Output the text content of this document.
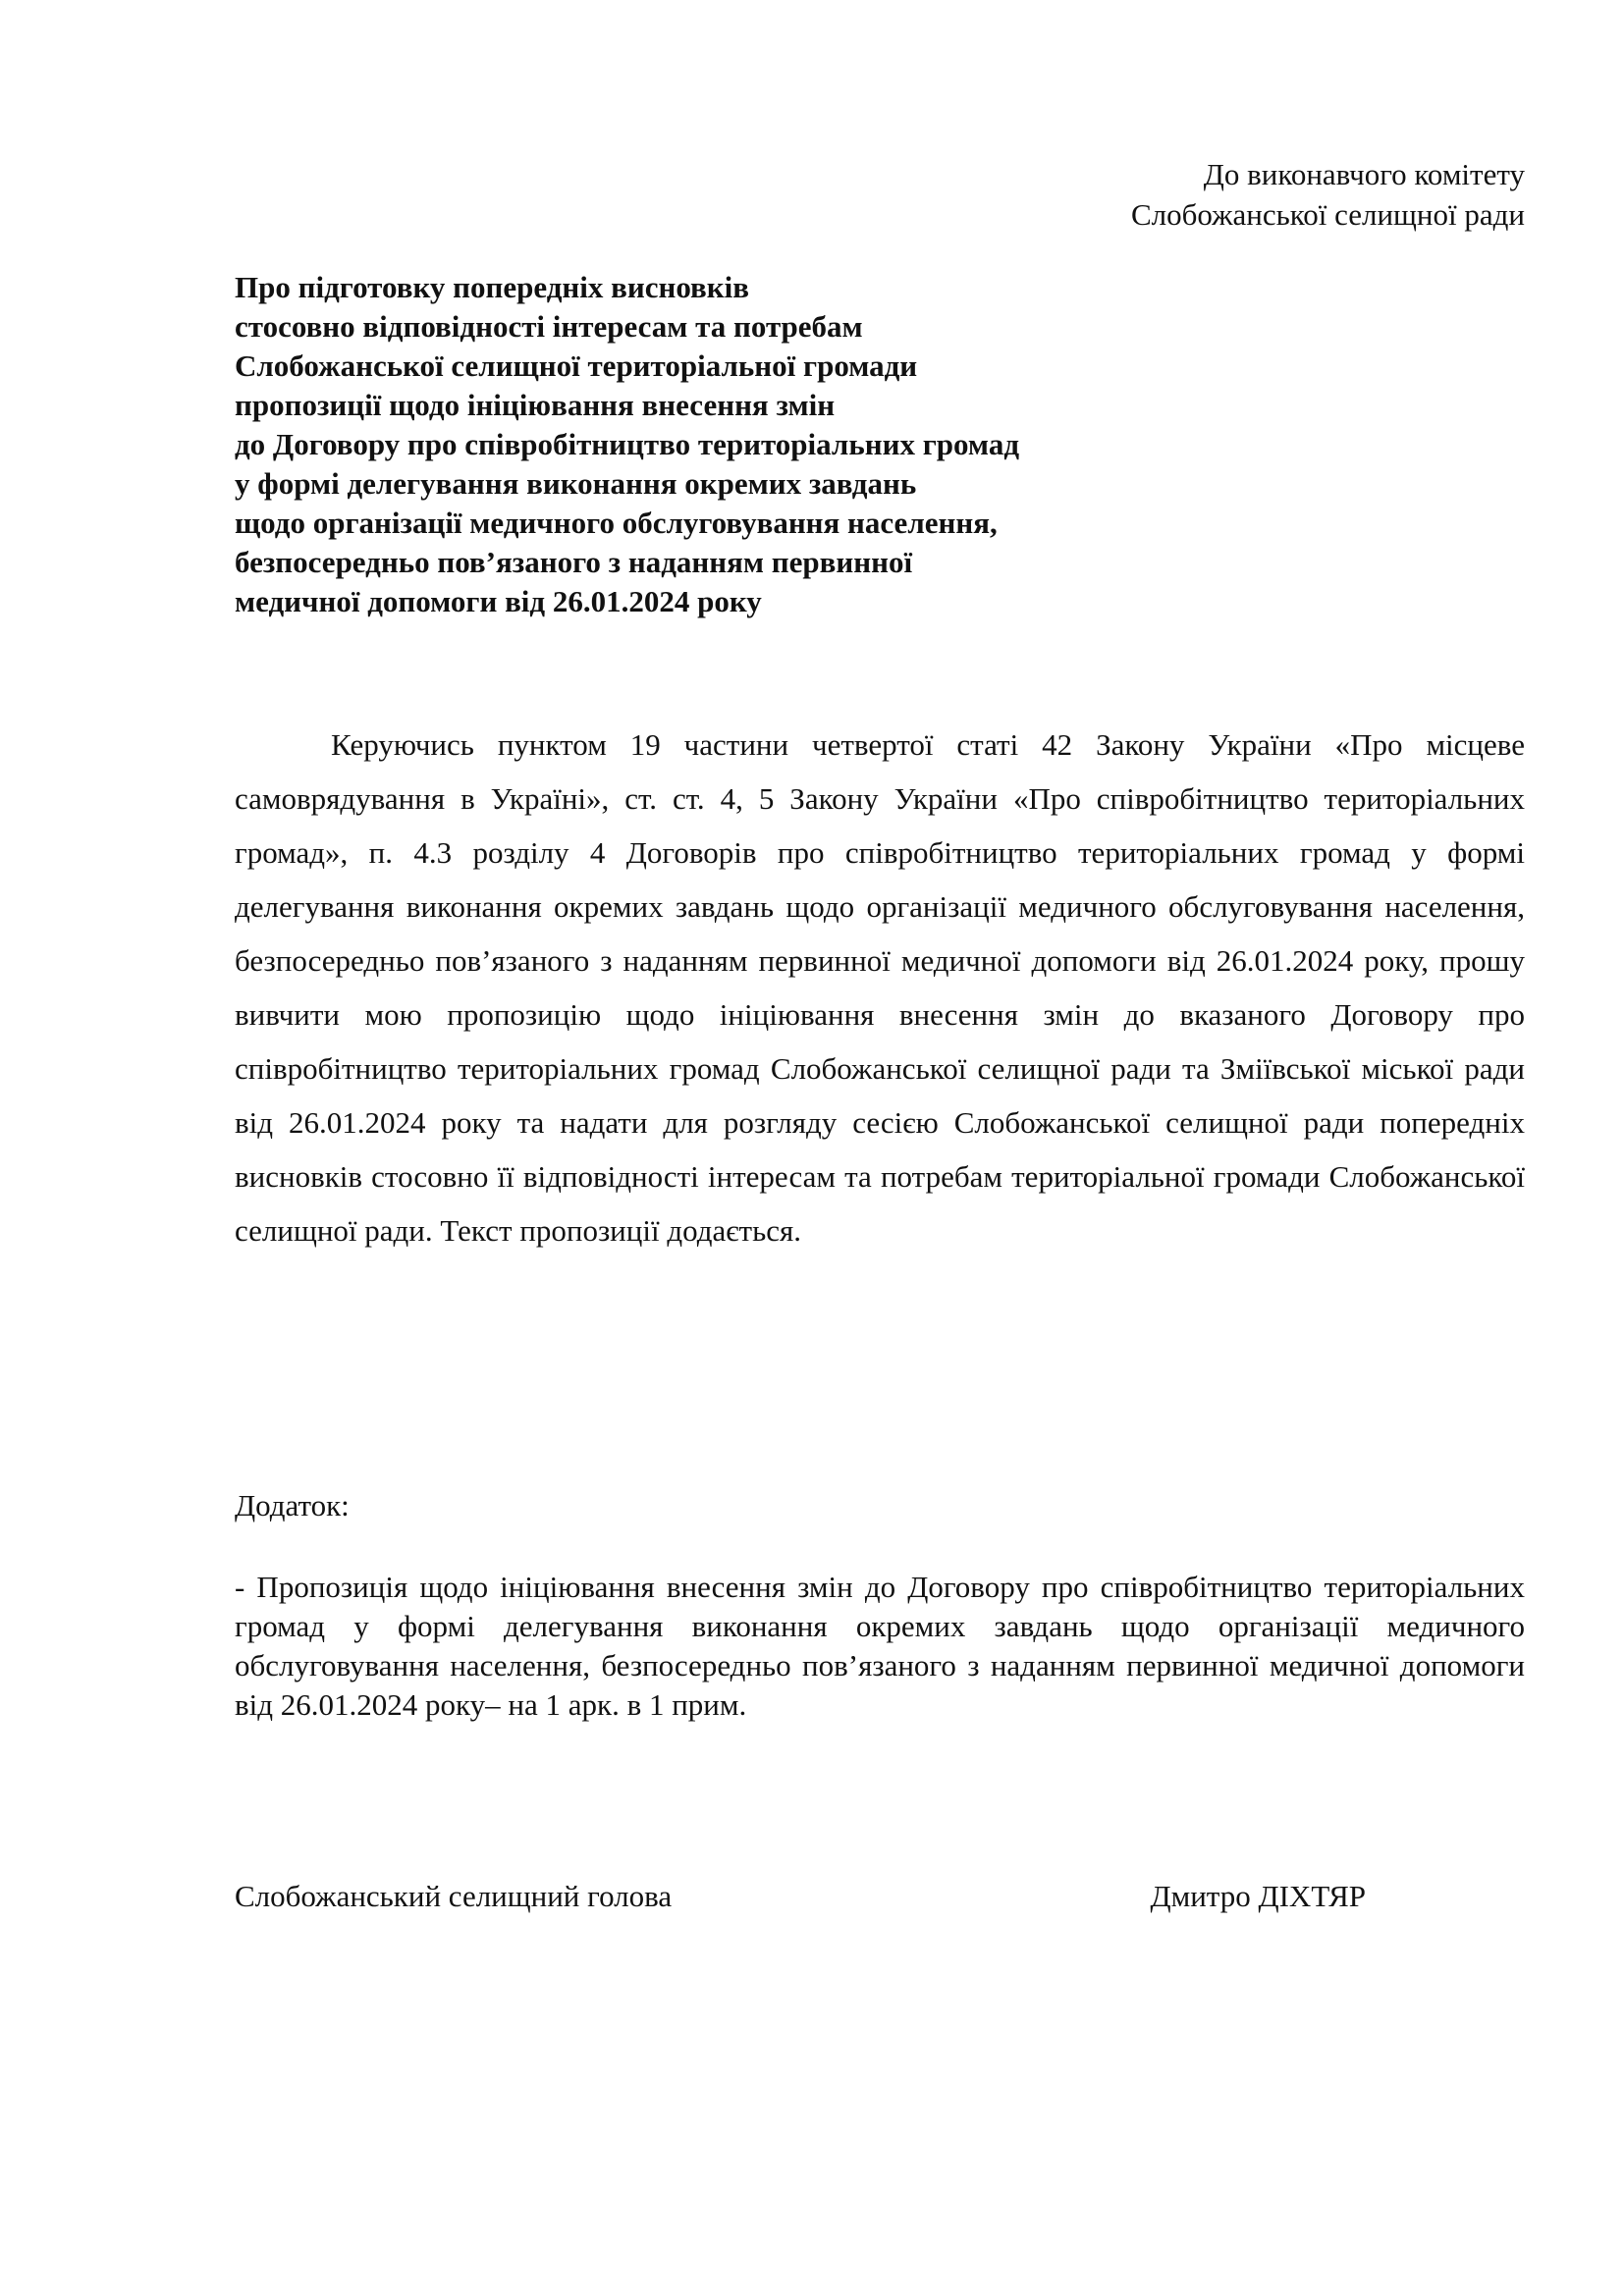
До виконавчого комітету
Слобожанської селищної ради
Про підготовку попередніх висновків
стосовно відповідності інтересам та потребам
Слобожанської селищної територіальної громади
пропозиції щодо ініціювання внесення змін
до Договору про співробітництво територіальних громад
у формі делегування виконання окремих завдань
щодо організації медичного обслуговування населення,
безпосередньо пов’язаного з наданням первинної
медичної допомоги від 26.01.2024 року

Керуючись пунктом 19 частини четвертої статі 42 Закону України «Про місцеве самоврядування в Україні», ст. ст. 4, 5 Закону України «Про співробітництво територіальних громад», п. 4.3 розділу 4 Договорів про співробітництво територіальних громад у формі делегування виконання окремих завдань щодо організації медичного обслуговування населення, безпосередньо пов’язаного з наданням первинної медичної допомоги від 26.01.2024 року, прошу вивчити мою пропозицію щодо ініціювання внесення змін до вказаного Договору про співробітництво територіальних громад Слобожанської селищної ради та Зміївської міської ради від 26.01.2024 року та надати для розгляду сесією Слобожанської селищної ради попередніх висновків стосовно її відповідності інтересам та потребам територіальної громади Слобожанської селищної ради. Текст пропозиції додається.

Додаток:

- Пропозиція щодо ініціювання внесення змін до Договору про співробітництво територіальних громад у формі делегування виконання окремих завдань щодо організації медичного обслуговування населення, безпосередньо пов’язаного з наданням первинної медичної допомоги від 26.01.2024 року– на 1 арк. в 1 прим.

Слобожанський селищний голова	Дмитро ДІХТЯР
